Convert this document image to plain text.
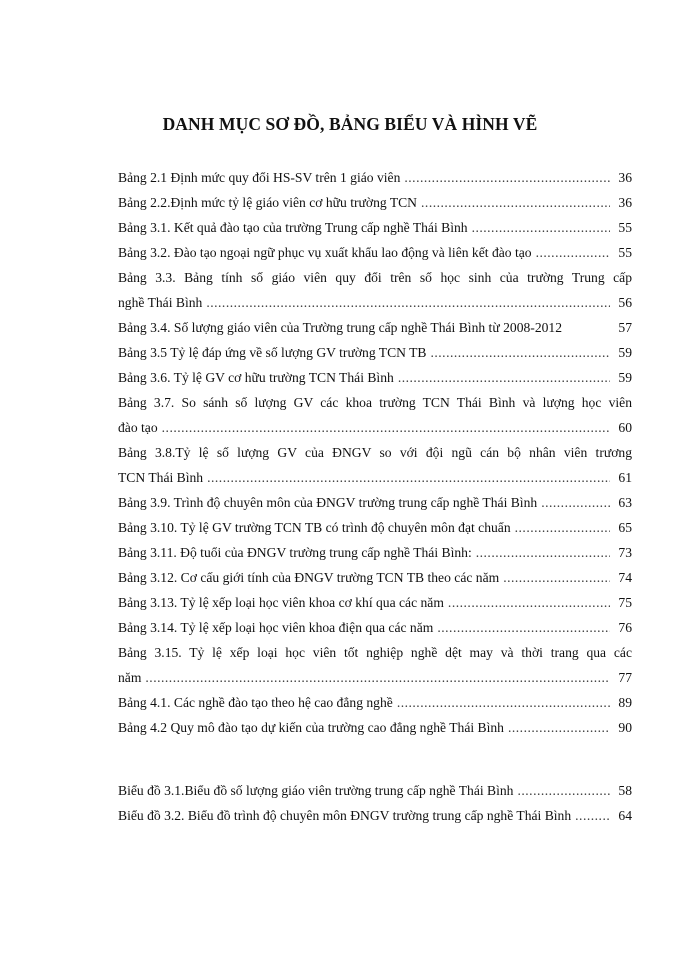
DANH MỤC SƠ ĐỒ, BẢNG BIỂU VÀ HÌNH VẼ
Bảng 2.1 Định mức quy đổi HS-SV trên 1 giáo viên .....	36
Bảng 2.2.Định mức tỷ lệ giáo viên cơ hữu trường TCN .....	36
Bảng 3.1. Kết quả đào tạo của trường Trung cấp nghề Thái Bình .....	55
Bảng 3.2. Đào tạo ngoại ngữ phục vụ xuất khẩu lao động và liên kết đào tạo .....	55
Bảng 3.3. Bảng tính số giáo viên quy đổi trên số học sinh của trường Trung cấp
nghề Thái Bình .....	56
Bảng 3.4. Số lượng giáo viên của Trường trung cấp nghề Thái Bình từ 2008-2012	57
Bảng 3.5 Tỷ lệ đáp ứng về số lượng GV trường TCN TB .....	59
Bảng 3.6. Tỷ lệ GV cơ hữu trường TCN Thái Bình .....	59
Bảng 3.7. So sánh số lượng GV các khoa trường TCN Thái Bình và lượng học viên
đào tạo .....	60
Bảng 3.8.Tỷ lệ số lượng GV của ĐNGV so với đội ngũ cán bộ nhân viên trương
TCN Thái Bình .....	61
Bảng 3.9. Trình độ chuyên môn của ĐNGV trường trung cấp nghề Thái Bình .....	63
Bảng 3.10. Tỷ lệ GV trường TCN TB có trình độ chuyên môn đạt chuẩn .....	65
Bảng 3.11. Độ tuổi của ĐNGV trường trung cấp nghề Thái Bình: .....	73
Bảng 3.12. Cơ cấu giới tính của ĐNGV trường TCN TB theo các năm .....	74
Bảng 3.13. Tỷ lệ xếp loại học viên khoa cơ khí qua các năm .....	75
Bảng 3.14. Tỷ lệ xếp loại học viên khoa điện qua các năm .....	76
Bảng 3.15. Tỷ lệ xếp loại học viên tốt nghiệp nghề dệt may và thời trang qua các
năm .....	77
Bảng 4.1. Các nghề đào tạo theo hệ cao đẳng nghề .....	89
Bảng 4.2 Quy mô đào tạo dự kiến của trường cao đẳng nghề Thái Bình .....	90
Biểu đồ 3.1.Biểu đồ số lượng giáo viên trường trung cấp nghề Thái Bình .....	58
Biểu đồ 3.2. Biểu đồ trình độ chuyên môn ĐNGV trường trung cấp nghề Thái Bình .....	64
